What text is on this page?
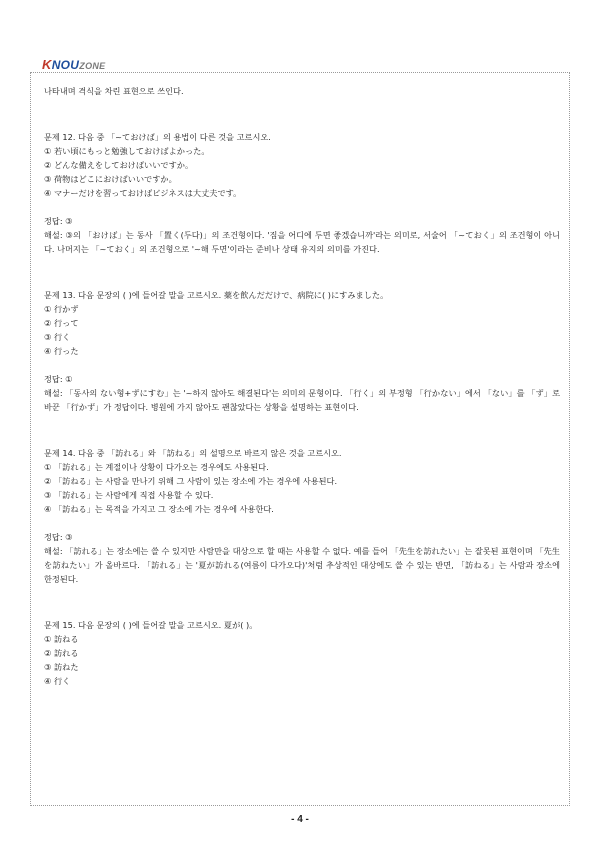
KNOUZONE

나타내며 격식을 차린 표현으로 쓰인다.

문제 12. 다음 중 「~ておけば」의 용법이 다른 것을 고르시오.

① 若い頃にもっと勉強しておけばよかった。

② どんな備えをしておけばいいですか。

③ 荷物はどこにおけばいいですか。

④ マナーだけを習っておけばビジネスは大丈夫です。

정답: ③

해설: ③의 「おけば」는 동사 「置く(두다)」의 조건형이다. '짐을 어디에 두면 좋겠습니까'라는 의미로, 서술어 「~ておく」의 조건형이 아니다. 나머지는 「~ておく」의 조건형으로 '~해 두면'이라는 준비나 상태 유지의 의미를 가진다.

문제 13. 다음 문장의 ( )에 들어갈 말을 고르시오. 薬を飲んだだけで、病院に( )にすみました。

① 行かず

② 行って

③ 行く

④ 行った

정답: ①

해설: 「동사의 ない형+ずにすむ」는 '~하지 않아도 해결된다'는 의미의 문형이다. 「行く」의 부정형 「行かない」에서 「ない」를 「ず」로 바꾼 「行かず」가 정답이다. 병원에 가지 않아도 괜찮았다는 상황을 설명하는 표현이다.

문제 14. 다음 중 「訪れる」와 「訪ねる」의 설명으로 바르지 않은 것을 고르시오.

① 「訪れる」는 계절이나 상황이 다가오는 경우에도 사용된다.

② 「訪ねる」는 사람을 만나기 위해 그 사람이 있는 장소에 가는 경우에 사용된다.

③ 「訪れる」는 사람에게 직접 사용할 수 있다.

④ 「訪ねる」는 목적을 가지고 그 장소에 가는 경우에 사용한다.

정답: ③

해설: 「訪れる」는 장소에는 쓸 수 있지만 사람만을 대상으로 할 때는 사용할 수 없다. 예를 들어 「先生を訪れたい」는 잘못된 표현이며 「先生を訪ねたい」가 올바르다. 「訪れる」는 '夏が訪れる(여름이 다가오다)'처럼 추상적인 대상에도 쓸 수 있는 반면, 「訪ねる」는 사람과 장소에 한정된다.

문제 15. 다음 문장의 ( )에 들어갈 말을 고르시오. 夏が( )。

① 訪ねる

② 訪れる

③ 訪ねた

④ 行く

- 4 -
